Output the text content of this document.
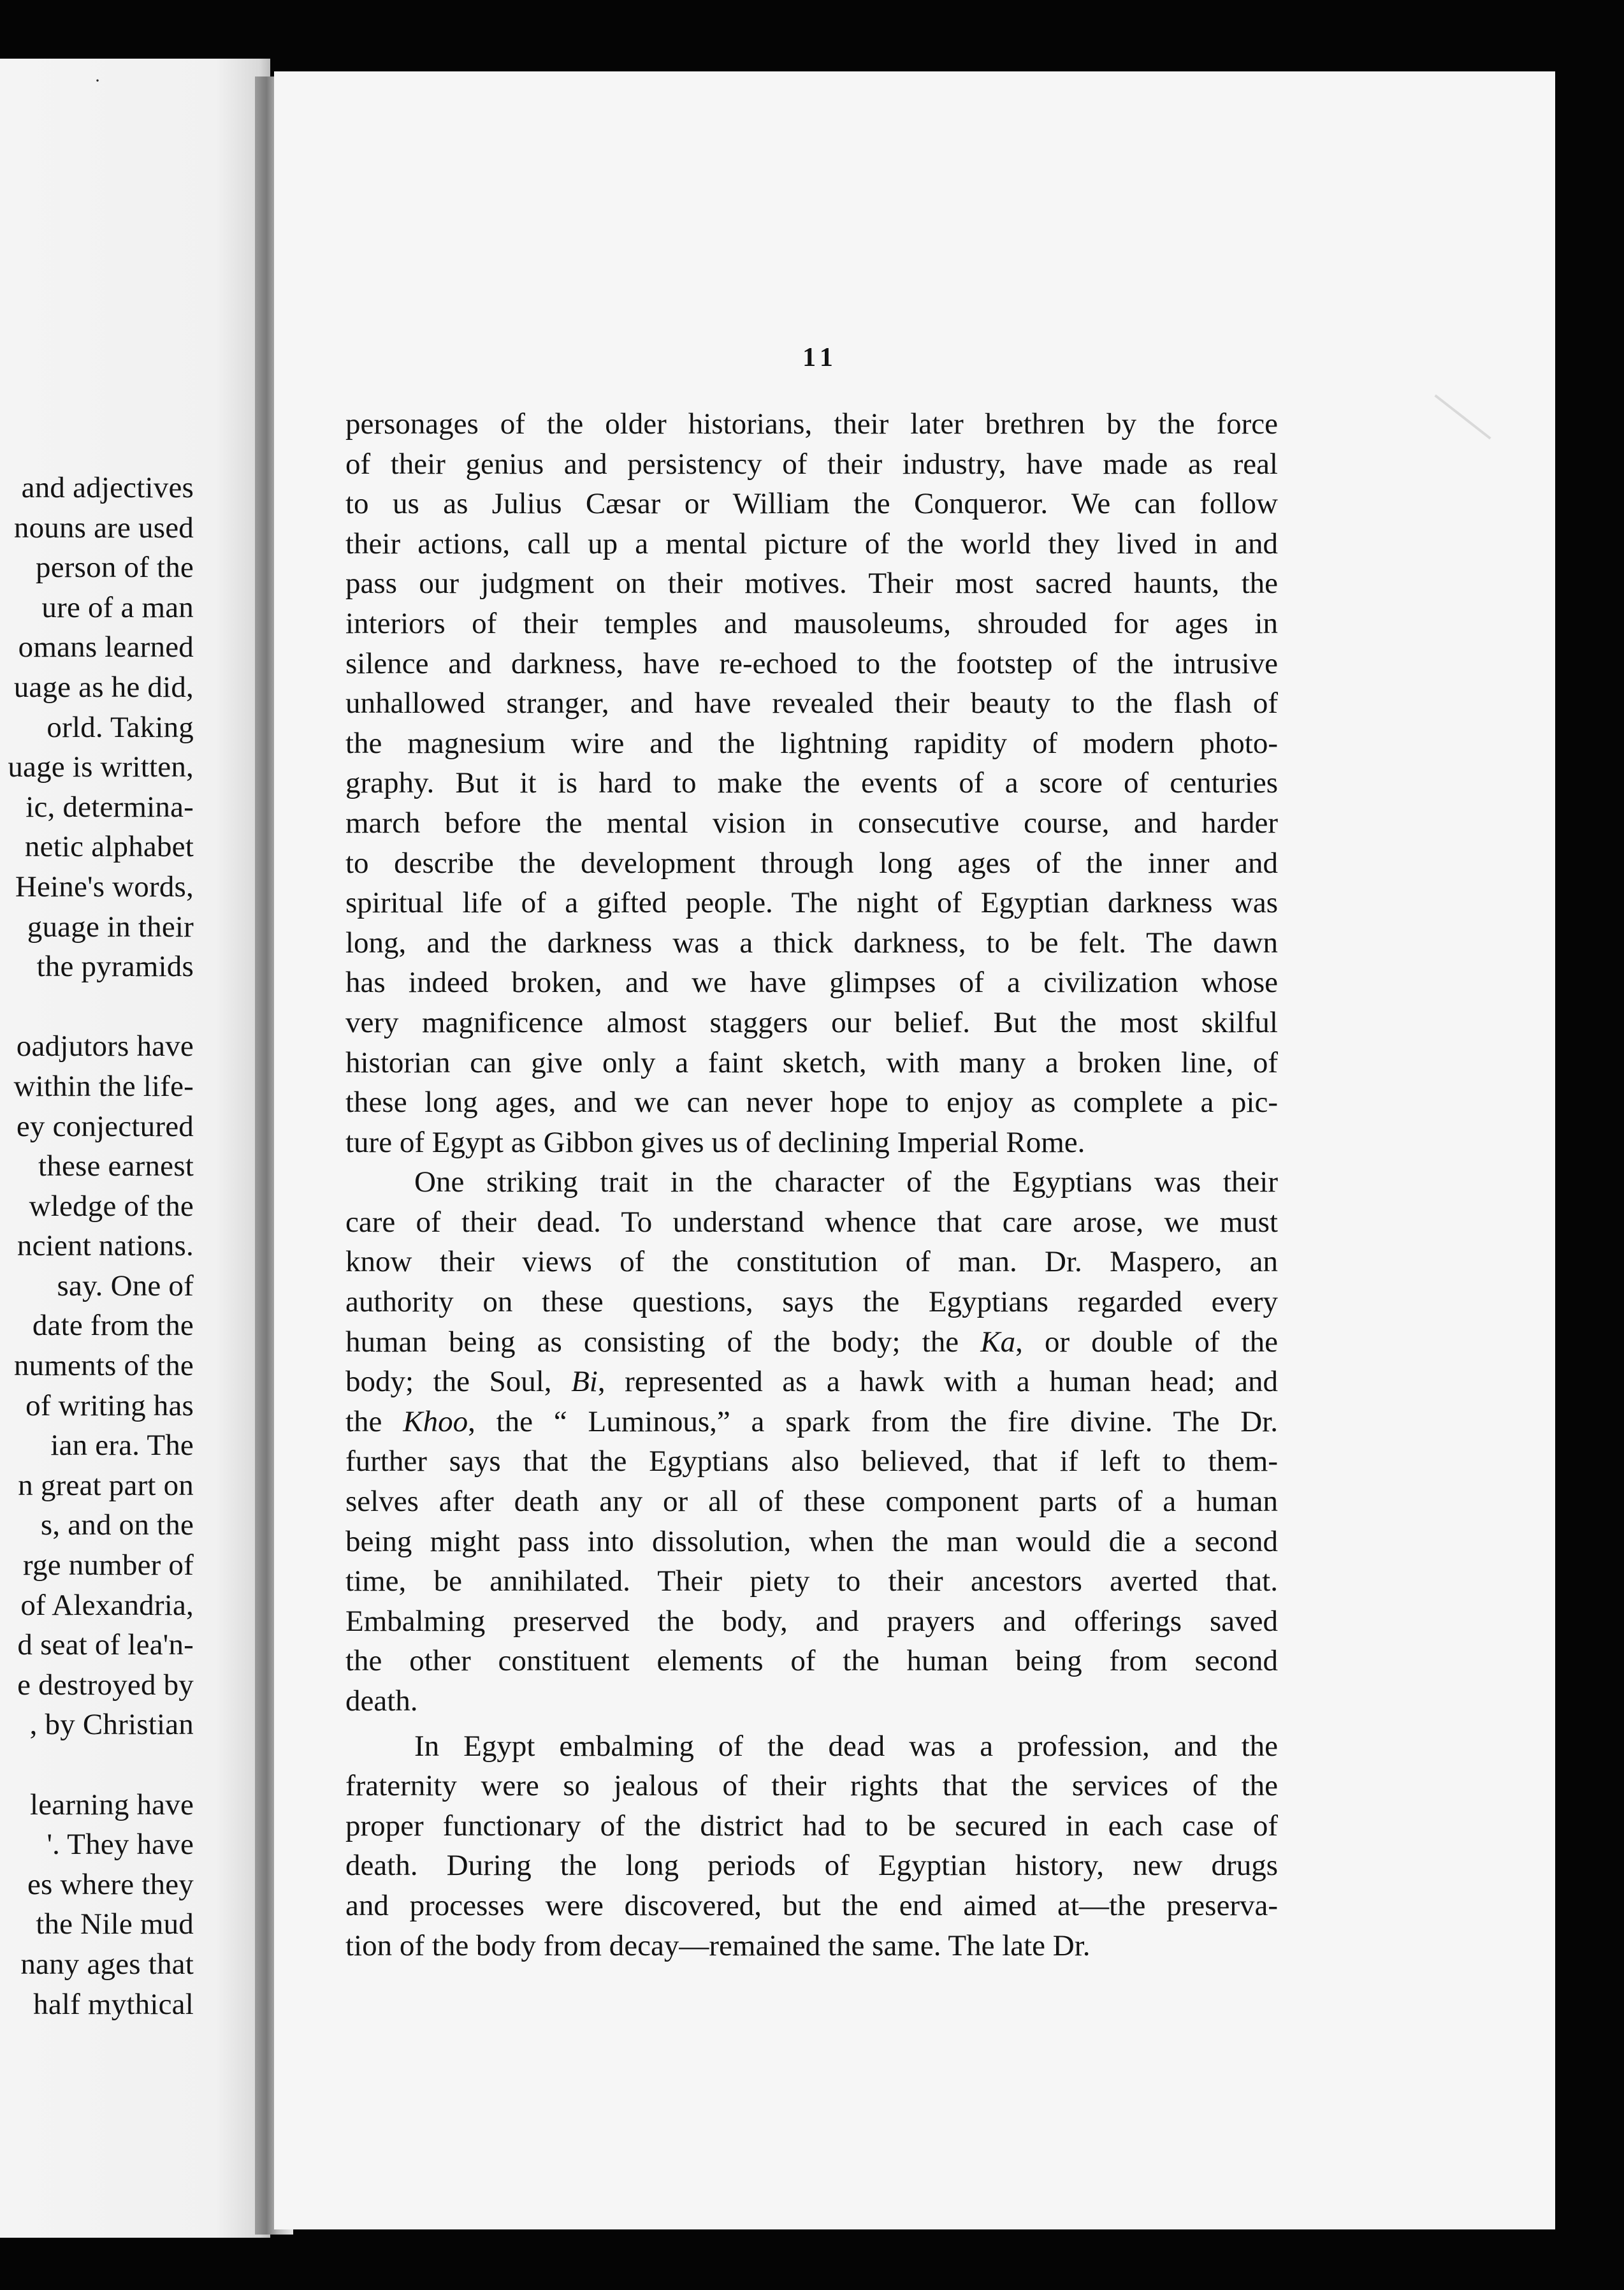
·
and adjectives
nouns are used
person of the
ure of a man
omans learned
uage as he did,
orld. Taking
uage is written,
ic, determina-
netic alphabet
Heine's words,
guage in their
the pyramids
oadjutors have
within the life-
ey conjectured
these earnest
wledge of the
ncient nations.
say. One of
date from the
numents of the
of writing has
ian era. The
n great part on
s, and on the
rge number of
of Alexandria,
d seat of lea'n-
e destroyed by
, by Christian
learning have
'. They have
es where they
the Nile mud
nany ages that
half mythical
11
personages of the older historians, their later brethren by the force
of their genius and persistency of their industry, have made as real
to us as Julius Cæsar or William the Conqueror. We can follow
their actions, call up a mental picture of the world they lived in and
pass our judgment on their motives. Their most sacred haunts, the
interiors of their temples and mausoleums, shrouded for ages in
silence and darkness, have re-echoed to the footstep of the intrusive
unhallowed stranger, and have revealed their beauty to the flash of
the magnesium wire and the lightning rapidity of modern photo-
graphy. But it is hard to make the events of a score of centuries
march before the mental vision in consecutive course, and harder
to describe the development through long ages of the inner and
spiritual life of a gifted people. The night of Egyptian darkness was
long, and the darkness was a thick darkness, to be felt. The dawn
has indeed broken, and we have glimpses of a civilization whose
very magnificence almost staggers our belief. But the most skilful
historian can give only a faint sketch, with many a broken line, of
these long ages, and we can never hope to enjoy as complete a pic-
ture of Egypt as Gibbon gives us of declining Imperial Rome.
One striking trait in the character of the Egyptians was their
care of their dead. To understand whence that care arose, we must
know their views of the constitution of man. Dr. Maspero, an
authority on these questions, says the Egyptians regarded every
human being as consisting of the body; the Ka, or double of the
body; the Soul, Bi, represented as a hawk with a human head; and
the Khoo, the “ Luminous,” a spark from the fire divine. The Dr.
further says that the Egyptians also believed, that if left to them-
selves after death any or all of these component parts of a human
being might pass into dissolution, when the man would die a second
time, be annihilated. Their piety to their ancestors averted that.
Embalming preserved the body, and prayers and offerings saved
the other constituent elements of the human being from second
death.
In Egypt embalming of the dead was a profession, and the
fraternity were so jealous of their rights that the services of the
proper functionary of the district had to be secured in each case of
death. During the long periods of Egyptian history, new drugs
and processes were discovered, but the end aimed at—the preserva-
tion of the body from decay—remained the same. The late Dr.
